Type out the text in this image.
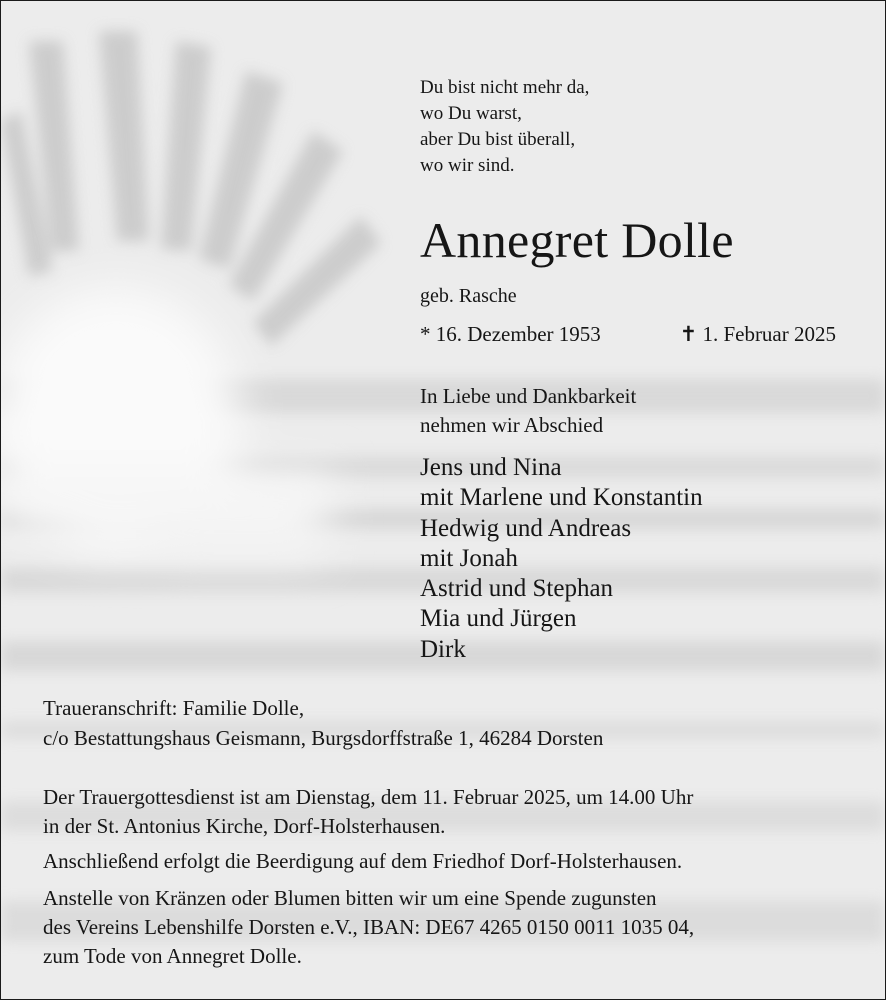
Du bist nicht mehr da,
wo Du warst,
aber Du bist überall,
wo wir sind.
Annegret Dolle
geb. Rasche
* 16. Dezember 1953	✝ 1. Februar 2025
In Liebe und Dankbarkeit
nehmen wir Abschied
Jens und Nina
mit Marlene und Konstantin
Hedwig und Andreas
mit Jonah
Astrid und Stephan
Mia und Jürgen
Dirk
Traueranschrift: Familie Dolle,
c/o Bestattungshaus Geismann, Burgsdorffstraße 1, 46284 Dorsten
Der Trauergottesdienst ist am Dienstag, dem 11. Februar 2025, um 14.00 Uhr
in der St. Antonius Kirche, Dorf-Holsterhausen.
Anschließend erfolgt die Beerdigung auf dem Friedhof Dorf-Holsterhausen.
Anstelle von Kränzen oder Blumen bitten wir um eine Spende zugunsten
des Vereins Lebenshilfe Dorsten e.V., IBAN: DE67 4265 0150 0011 1035 04,
zum Tode von Annegret Dolle.
